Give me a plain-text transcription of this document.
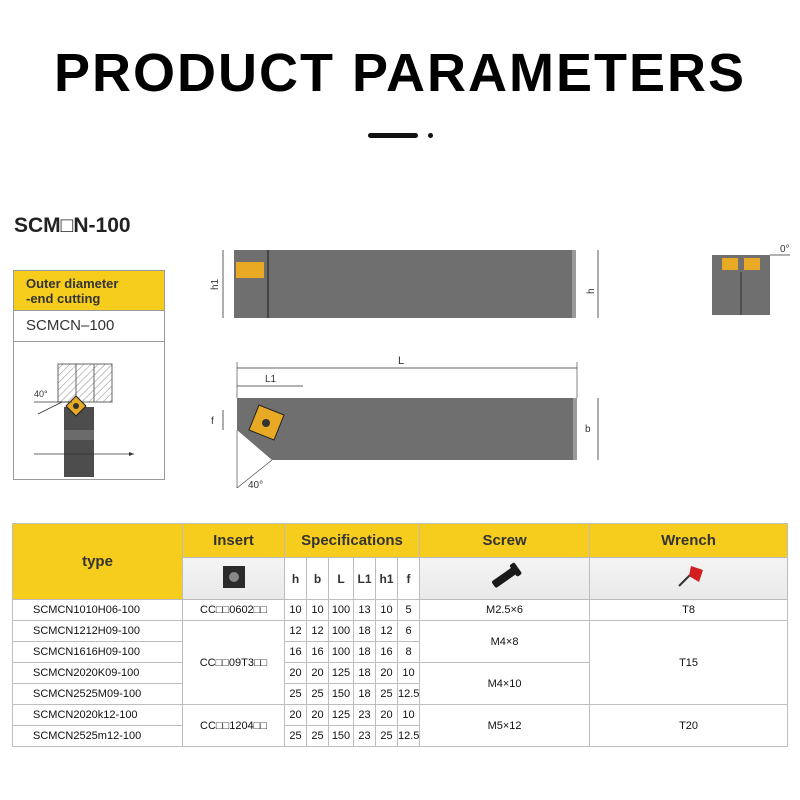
PRODUCT PARAMETERS
SCM□N-100
Outer diameter
-end cutting
SCMCN–100
40°
h1
h
0°
L
L1
f
b
40°
type	Insert	Specifications						Screw	Wrench
	h	b	L	L1	h1	f		
SCMCN1010H06-100	CC□□0602□□	10	10	100	13	10	5	M2.5×6	T8
SCMCN1212H09-100	CC□□09T3□□	12	12	100	18	12	6	M4×8	T15
SCMCN1616H09-100		16	16	100	18	16	8		
SCMCN2020K09-100		20	20	125	18	20	10	M4×10	
SCMCN2525M09-100		25	25	150	18	25	12.5		
SCMCN2020k12-100	CC□□1204□□	20	20	125	23	20	10	M5×12	T20
SCMCN2525m12-100		25	25	150	23	25	12.5		
